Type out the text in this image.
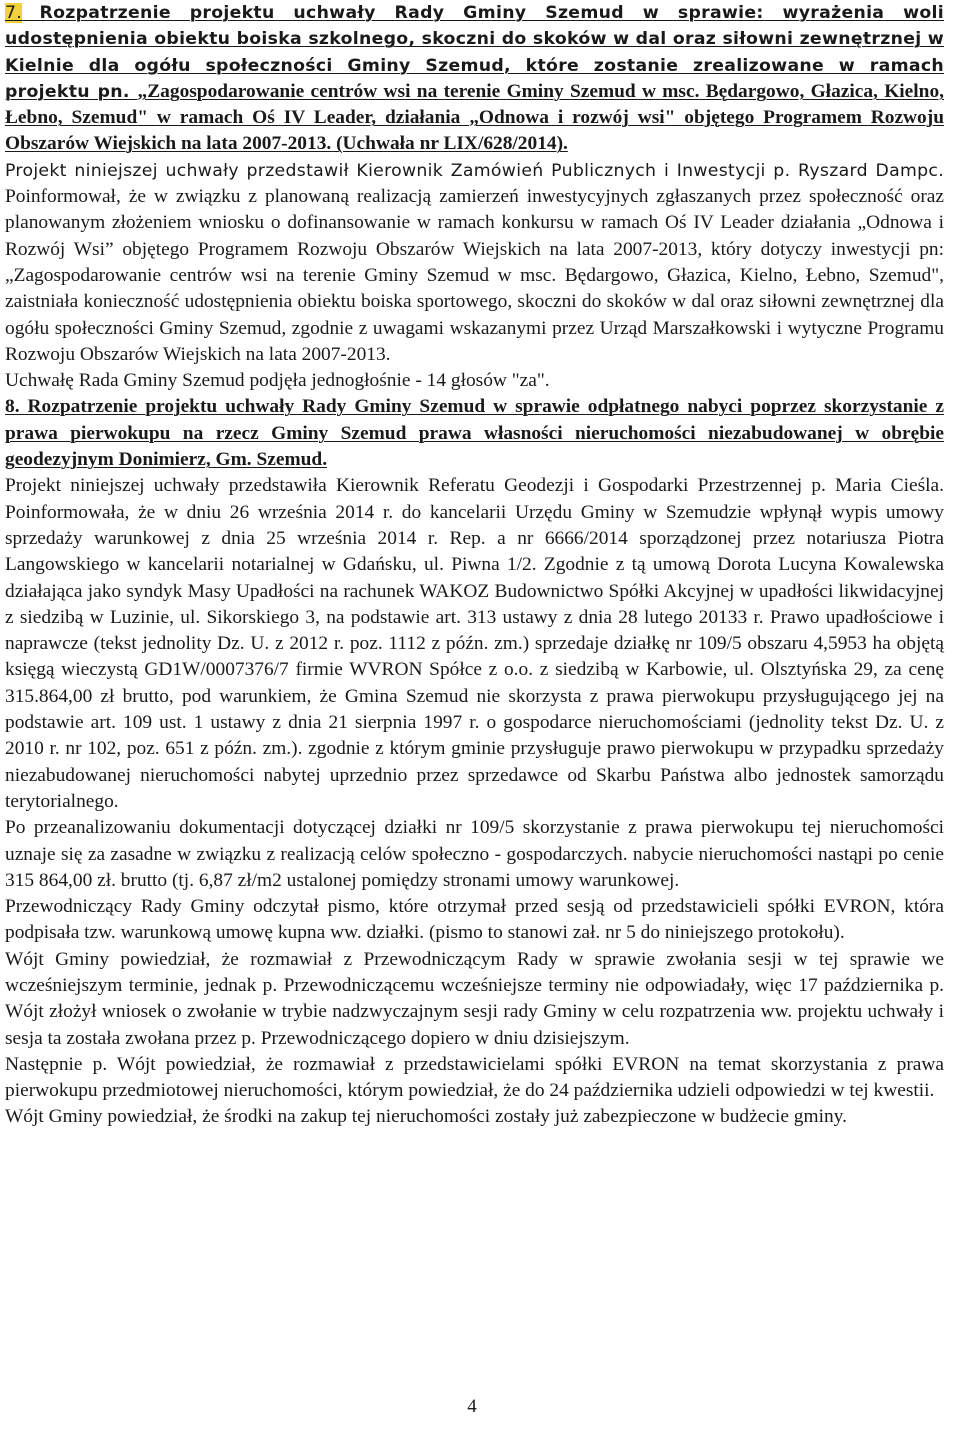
7. Rozpatrzenie projektu uchwały Rady Gminy Szemud w sprawie: wyrażenia woli udostępnienia obiektu boiska szkolnego, skoczni do skoków w dal oraz siłowni zewnętrznej w Kielnie dla ogółu społeczności Gminy Szemud, które zostanie zrealizowane w ramach projektu pn. „Zagospodarowanie centrów wsi na terenie Gminy Szemud w msc. Będargowo, Głazica, Kielno, Łebno, Szemud" w ramach Oś IV Leader, działania „Odnowa i rozwój wsi" objętego Programem Rozwoju Obszarów Wiejskich na lata 2007-2013. (Uchwała nr LIX/628/2014).

Projekt niniejszej uchwały przedstawił Kierownik Zamówień Publicznych i Inwestycji p. Ryszard Dampc. Poinformował, że w związku z planowaną realizacją zamierzeń inwestycyjnych zgłaszanych przez społeczność oraz planowanym złożeniem wniosku o dofinansowanie w ramach konkursu w ramach Oś IV Leader działania „Odnowa i Rozwój Wsi” objętego Programem Rozwoju Obszarów Wiejskich na lata 2007-2013, który dotyczy inwestycji pn: „Zagospodarowanie centrów wsi na terenie Gminy Szemud w msc. Będargowo, Głazica, Kielno, Łebno, Szemud", zaistniała konieczność udostępnienia obiektu boiska sportowego, skoczni do skoków w dal oraz siłowni zewnętrznej dla ogółu społeczności Gminy Szemud, zgodnie z uwagami wskazanymi przez Urząd Marszałkowski i wytyczne Programu Rozwoju Obszarów Wiejskich na lata 2007-2013.

Uchwałę Rada Gminy Szemud podjęła jednogłośnie - 14 głosów "za".

8. Rozpatrzenie projektu uchwały Rady Gminy Szemud w sprawie odpłatnego nabyci poprzez skorzystanie z prawa pierwokupu na rzecz Gminy Szemud prawa własności nieruchomości niezabudowanej w obrębie geodezyjnym Donimierz, Gm. Szemud.

Projekt niniejszej uchwały przedstawiła Kierownik Referatu Geodezji i Gospodarki Przestrzennej p. Maria Cieśla. Poinformowała, że w dniu 26 września 2014 r. do kancelarii Urzędu Gminy w Szemudzie wpłynął wypis umowy sprzedaży warunkowej z dnia 25 września 2014 r. Rep. a nr 6666/2014 sporządzonej przez notariusza Piotra Langowskiego w kancelarii notarialnej w Gdańsku, ul. Piwna 1/2. Zgodnie z tą umową Dorota Lucyna Kowalewska działająca jako syndyk Masy Upadłości na rachunek WAKOZ Budownictwo Spółki Akcyjnej w upadłości likwidacyjnej z siedzibą w Luzinie, ul. Sikorskiego 3, na podstawie art. 313 ustawy z dnia 28 lutego 20133 r. Prawo upadłościowe i naprawcze (tekst jednolity Dz. U. z 2012 r. poz. 1112 z późn. zm.) sprzedaje działkę nr 109/5 obszaru 4,5953 ha objętą księgą wieczystą GD1W/0007376/7 firmie WVRON Spółce z o.o. z siedzibą w Karbowie, ul. Olsztyńska 29, za cenę 315.864,00 zł brutto, pod warunkiem, że Gmina Szemud nie skorzysta z prawa pierwokupu przysługującego jej na podstawie art. 109 ust. 1 ustawy z dnia 21 sierpnia 1997 r. o gospodarce nieruchomościami (jednolity tekst Dz. U. z 2010 r. nr 102, poz. 651 z późn. zm.). zgodnie z którym gminie przysługuje prawo pierwokupu w przypadku sprzedaży niezabudowanej nieruchomości nabytej uprzednio przez sprzedawce od Skarbu Państwa albo jednostek samorządu terytorialnego.

Po przeanalizowaniu dokumentacji dotyczącej działki nr 109/5 skorzystanie z prawa pierwokupu tej nieruchomości uznaje się za zasadne w związku z realizacją celów społeczno - gospodarczych. nabycie nieruchomości nastąpi po cenie 315 864,00 zł. brutto (tj. 6,87 zł/m2 ustalonej pomiędzy stronami umowy warunkowej.

Przewodniczący Rady Gminy odczytał pismo, które otrzymał przed sesją od przedstawicieli spółki EVRON, która podpisała tzw. warunkową umowę kupna ww. działki. (pismo to stanowi zał. nr 5 do niniejszego protokołu).

Wójt Gminy powiedział, że rozmawiał z Przewodniczącym Rady w sprawie zwołania sesji w tej sprawie we wcześniejszym terminie, jednak p. Przewodniczącemu wcześniejsze terminy nie odpowiadały, więc 17 października p. Wójt złożył wniosek o zwołanie w trybie nadzwyczajnym sesji rady Gminy w celu rozpatrzenia ww. projektu uchwały i sesja ta została zwołana przez p. Przewodniczącego dopiero w dniu dzisiejszym.

Następnie p. Wójt powiedział, że rozmawiał z przedstawicielami spółki EVRON na temat skorzystania z prawa pierwokupu przedmiotowej nieruchomości, którym powiedział, że do 24 października udzieli odpowiedzi w tej kwestii.

Wójt Gminy powiedział, że środki na zakup tej nieruchomości zostały już zabezpieczone w budżecie gminy.

4
